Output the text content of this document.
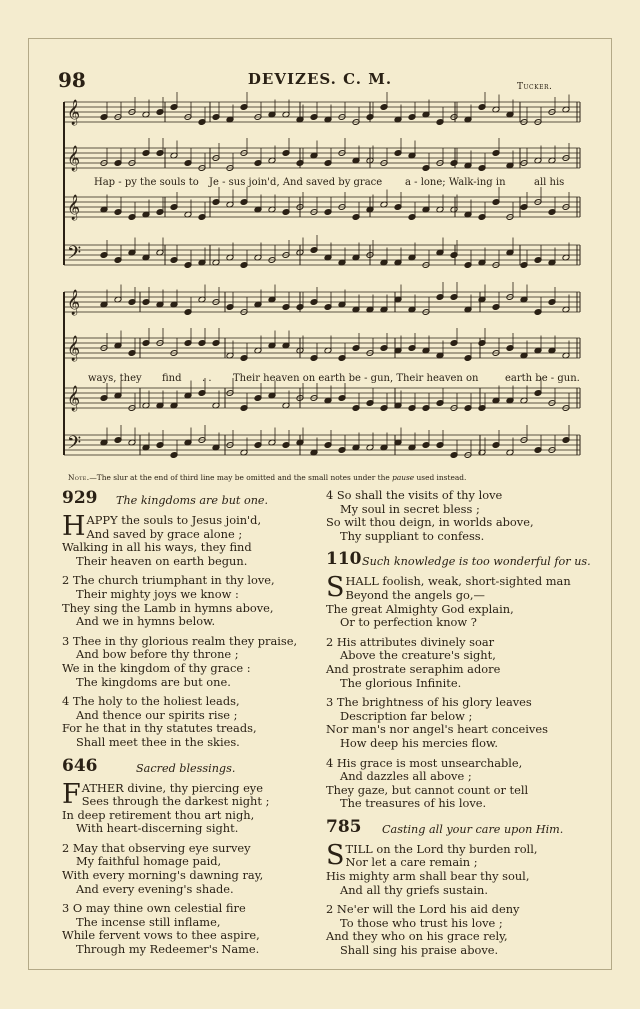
98	DEVIZES. C. M.	Tucker.
𝄞
𝄞
𝄞
𝄢
𝄞
𝄞
𝄞
𝄢
Hap - py the souls to Je - sus join'd, And saved by grace a - lone; Walk-ing in	all his
ways, they find . . Their heaven on earth be - gun, Their heaven on	earth be - gun.
Note.—The slur at the end of third line may be omitted and the small notes under the pause used instead.
929 The kingdoms are but one.
HAPPY the souls to Jesus join'd,
And saved by grace alone ;
Walking in all his ways, they find
Their heaven on earth begun.
2 The church triumphant in thy love,
Their mighty joys we know :
They sing the Lamb in hymns above,
And we in hymns below.
3 Thee in thy glorious realm they praise,
And bow before thy throne ;
We in the kingdom of thy grace :
The kingdoms are but one.
4 The holy to the holiest leads,
And thence our spirits rise ;
For he that in thy statutes treads,
Shall meet thee in the skies.
646	Sacred blessings.
FATHER divine, thy piercing eye
Sees through the darkest night ;
In deep retirement thou art nigh,
With heart-discerning sight.
2 May that observing eye survey
My faithful homage paid,
With every morning's dawning ray,
And every evening's shade.
3 O may thine own celestial fire
The incense still inflame,
While fervent vows to thee aspire,
Through my Redeemer's Name.
4 So shall the visits of thy love
My soul in secret bless ;
So wilt thou deign, in worlds above,
Thy suppliant to confess.
110 Such knowledge is too wonderful for us.
SHALL foolish, weak, short-sighted man
Beyond the angels go,—
The great Almighty God explain,
Or to perfection know ?
2 His attributes divinely soar
Above the creature's sight,
And prostrate seraphim adore
The glorious Infinite.
3 The brightness of his glory leaves
Description far below ;
Nor man's nor angel's heart conceives
How deep his mercies flow.
4 His grace is most unsearchable,
And dazzles all above ;
They gaze, but cannot count or tell
The treasures of his love.
785 Casting all your care upon Him.
STILL on the Lord thy burden roll,
Nor let a care remain ;
His mighty arm shall bear thy soul,
And all thy griefs sustain.
2 Ne'er will the Lord his aid deny
To those who trust his love ;
And they who on his grace rely,
Shall sing his praise above.
